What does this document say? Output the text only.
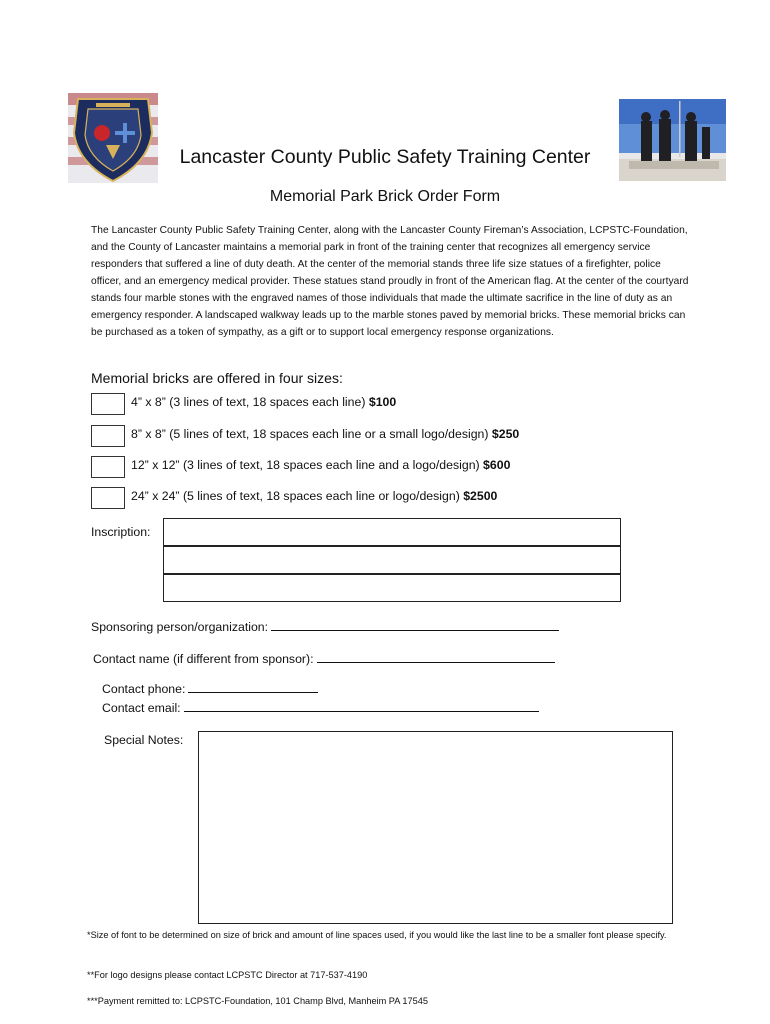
Lancaster County Public Safety Training Center
Memorial Park Brick Order Form
The Lancaster County Public Safety Training Center, along with the Lancaster County Fireman’s Association, LCPSTC-Foundation, and the County of Lancaster maintains a memorial park in front of the training center that recognizes all emergency service responders that suffered a line of duty death. At the center of the memorial stands three life size statues of a firefighter, police officer, and an emergency medical provider. These statues stand proudly in front of the American flag. At the center of the courtyard stands four marble stones with the engraved names of those individuals that made the ultimate sacrifice in the line of duty as an emergency responder. A landscaped walkway leads up to the marble stones paved by memorial bricks. These memorial bricks can be purchased as a token of sympathy, as a gift or to support local emergency response organizations.
Memorial bricks are offered in four sizes:
4” x 8” (3 lines of text, 18 spaces each line) $100
8” x 8” (5 lines of text, 18 spaces each line or a small logo/design) $250
12” x 12” (3 lines of text, 18 spaces each line and a logo/design) $600
24” x 24” (5 lines of text, 18 spaces each line or logo/design) $2500
Inscription:
Sponsoring person/organization:
Contact name (if different from sponsor):
Contact phone:
Contact email:
Special Notes:
*Size of font to be determined on size of brick and amount of line spaces used, if you would like the last line to be a smaller font please specify.
**For logo designs please contact LCPSTC Director at 717-537-4190
***Payment remitted to: LCPSTC-Foundation, 101 Champ Blvd, Manheim PA 17545
